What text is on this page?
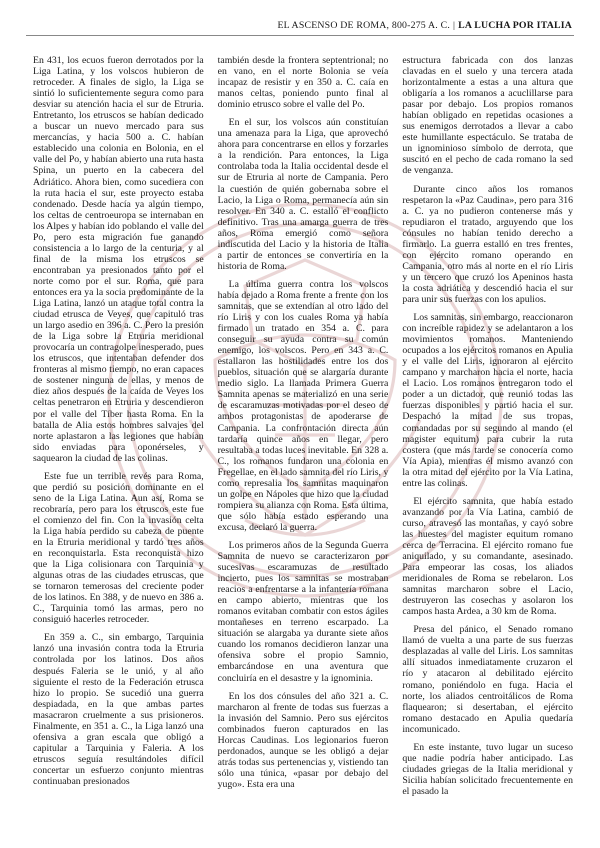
EL ASCENSO DE ROMA, 800-275 A. C. | LA LUCHA POR ITALIA

En 431, los ecuos fueron derrotados por la Liga Latina, y los volscos hubieron de retroceder. A finales de siglo, la Liga se sintió lo suficientemente segura como para desviar su atención hacia el sur de Etruria. Entretanto, los etruscos se habían dedicado a buscar un nuevo mercado para sus mercancías, y hacia 500 a. C. habían establecido una colonia en Bolonia, en el valle del Po, y habían abierto una ruta hasta Spina, un puerto en la cabecera del Adriático. Ahora bien, como sucediera con la ruta hacia el sur, este proyecto estaba condenado. Desde hacía ya algún tiempo, los celtas de centroeuropa se internaban en los Alpes y habían ido poblando el valle del Po, pero esta migración fue ganando consistencia a lo largo de la centuria, y al final de la misma los etruscos se encontraban ya presionados tanto por el norte como por el sur. Roma, que para entonces era ya la socia predominante de la Liga Latina, lanzó un ataque total contra la ciudad etrusca de Veyes, que capituló tras un largo asedio en 396 a. C. Pero la presión de la Liga sobre la Etruria meridional provocaría un contragolpe inesperado, pues los etruscos, que intentaban defender dos fronteras al mismo tiempo, no eran capaces de sostener ninguna de ellas, y menos de diez años después de la caída de Veyes los celtas penetraron en Etruria y descendieron por el valle del Tíber hasta Roma. En la batalla de Alia estos hombres salvajes del norte aplastaron a las legiones que habían sido enviadas para oponérseles, y saquearon la ciudad de las colinas.

Este fue un terrible revés para Roma, que perdió su posición dominante en el seno de la Liga Latina. Aun así, Roma se recobraría, pero para los etruscos este fue el comienzo del fin. Con la invasión celta la Liga había perdido su cabeza de puente en la Etruria meridional y tardó tres años en reconquistarla. Esta reconquista hizo que la Liga colisionara con Tarquinia y algunas otras de las ciudades etruscas, que se tornaron temerosas del creciente poder de los latinos. En 388, y de nuevo en 386 a. C., Tarquinia tomó las armas, pero no consiguió hacerles retroceder.

En 359 a. C., sin embargo, Tarquinia lanzó una invasión contra toda la Etruria controlada por los latinos. Dos años después Faleria se le unió, y al año siguiente el resto de la Federación etrusca hizo lo propio. Se sucedió una guerra despiadada, en la que ambas partes masacraron cruelmente a sus prisioneros. Finalmente, en 351 a. C., la Liga lanzó una ofensiva a gran escala que obligó a capitular a Tarquinia y Faleria. A los etruscos seguía resultándoles difícil concertar un esfuerzo conjunto mientras continuaban presionados

también desde la frontera septentrional; no en vano, en el norte Bolonia se veía incapaz de resistir y en 350 a. C. caía en manos celtas, poniendo punto final al dominio etrusco sobre el valle del Po.

En el sur, los volscos aún constituían una amenaza para la Liga, que aprovechó ahora para concentrarse en ellos y forzarles a la rendición. Para entonces, la Liga controlaba toda la Italia occidental desde el sur de Etruria al norte de Campania. Pero la cuestión de quién gobernaba sobre el Lacio, la Liga o Roma, permanecía aún sin resolver. En 340 a. C. estalló el conflicto definitivo. Tras una amarga guerra de tres años, Roma emergió como señora indiscutida del Lacio y la historia de Italia a partir de entonces se convertiría en la historia de Roma.

La última guerra contra los volscos había dejado a Roma frente a frente con los samnitas, que se extendían al otro lado del río Liris y con los cuales Roma ya había firmado un tratado en 354 a. C. para conseguir su ayuda contra su común enemigo, los volscos. Pero en 343 a. C. estallaron las hostilidades entre los dos pueblos, situación que se alargaría durante medio siglo. La llamada Primera Guerra Samnita apenas se materializó en una serie de escaramuzas motivadas por el deseo de ambos protagonistas de apoderarse de Campania. La confrontación directa aún tardaría quince años en llegar, pero resultaba a todas luces inevitable. En 328 a. C., los romanos fundaron una colonia en Fregellae, en el lado samnita del río Liris, y como represalia los samnitas maquinaron un golpe en Nápoles que hizo que la ciudad rompiera su alianza con Roma. Esta última, que sólo había estado esperando una excusa, declaró la guerra.

Los primeros años de la Segunda Guerra Samnita de nuevo se caracterizaron por sucesivas escaramuzas de resultado incierto, pues los samnitas se mostraban reacios a enfrentarse a la infantería romana en campo abierto, mientras que los romanos evitaban combatir con estos ágiles montañeses en terreno escarpado. La situación se alargaba ya durante siete años cuando los romanos decidieron lanzar una ofensiva sobre el propio Samnio, embarcándose en una aventura que concluiría en el desastre y la ignominia.

En los dos cónsules del año 321 a. C. marcharon al frente de todas sus fuerzas a la invasión del Samnio. Pero sus ejércitos combinados fueron capturados en las Horcas Caudinas. Los legionarios fueron perdonados, aunque se les obligó a dejar atrás todas sus pertenencias y, vistiendo tan sólo una túnica, «pasar por debajo del yugo». Esta era una

estructura fabricada con dos lanzas clavadas en el suelo y una tercera atada horizontalmente a estas a una altura que obligaría a los romanos a acuclillarse para pasar por debajo. Los propios romanos habían obligado en repetidas ocasiones a sus enemigos derrotados a llevar a cabo este humillante espectáculo. Se trataba de un ignominioso símbolo de derrota, que suscitó en el pecho de cada romano la sed de venganza.

Durante cinco años los romanos respetaron la «Paz Caudina», pero para 316 a. C. ya no pudieron contenerse más y repudiaron el tratado, arguyendo que los cónsules no habían tenido derecho a firmarlo. La guerra estalló en tres frentes, con ejército romano operando en Campania, otro más al norte en el río Liris y un tercero que cruzó los Apeninos hasta la costa adriática y descendió hacia el sur para unir sus fuerzas con los apulios.

Los samnitas, sin embargo, reaccionaron con increíble rapidez y se adelantaron a los movimientos romanos. Manteniendo ocupados a los ejércitos romanos en Apulia y el valle del Liris, ignoraron al ejército campano y marcharon hacia el norte, hacia el Lacio. Los romanos entregaron todo el poder a un dictador, que reunió todas las fuerzas disponibles y partió hacia el sur. Despachó la mitad de sus tropas, comandadas por su segundo al mando (el magister equitum) para cubrir la ruta costera (que más tarde se conocería como Vía Apia), mientras él mismo avanzó con la otra mitad del ejército por la Vía Latina, entre las colinas.

El ejército samnita, que había estado avanzando por la Vía Latina, cambió de curso, atravesó las montañas, y cayó sobre las huestes del magister equitum romano cerca de Terracina. El ejército romano fue aniquilado, y su comandante, asesinado. Para empeorar las cosas, los aliados meridionales de Roma se rebelaron. Los samnitas marcharon sobre el Lacio, destruyeron las cosechas y asolaron los campos hasta Ardea, a 30 km de Roma.

Presa del pánico, el Senado romano llamó de vuelta a una parte de sus fuerzas desplazadas al valle del Liris. Los samnitas allí situados inmediatamente cruzaron el río y atacaron al debilitado ejército romano, poniéndolo en fuga. Hacia el norte, los aliados centroitálicos de Roma flaquearon; si desertaban, el ejército romano destacado en Apulia quedaría incomunicado.

En este instante, tuvo lugar un suceso que nadie podría haber anticipado. Las ciudades griegas de la Italia meridional y Sicilia habían solicitado frecuentemente en el pasado la
